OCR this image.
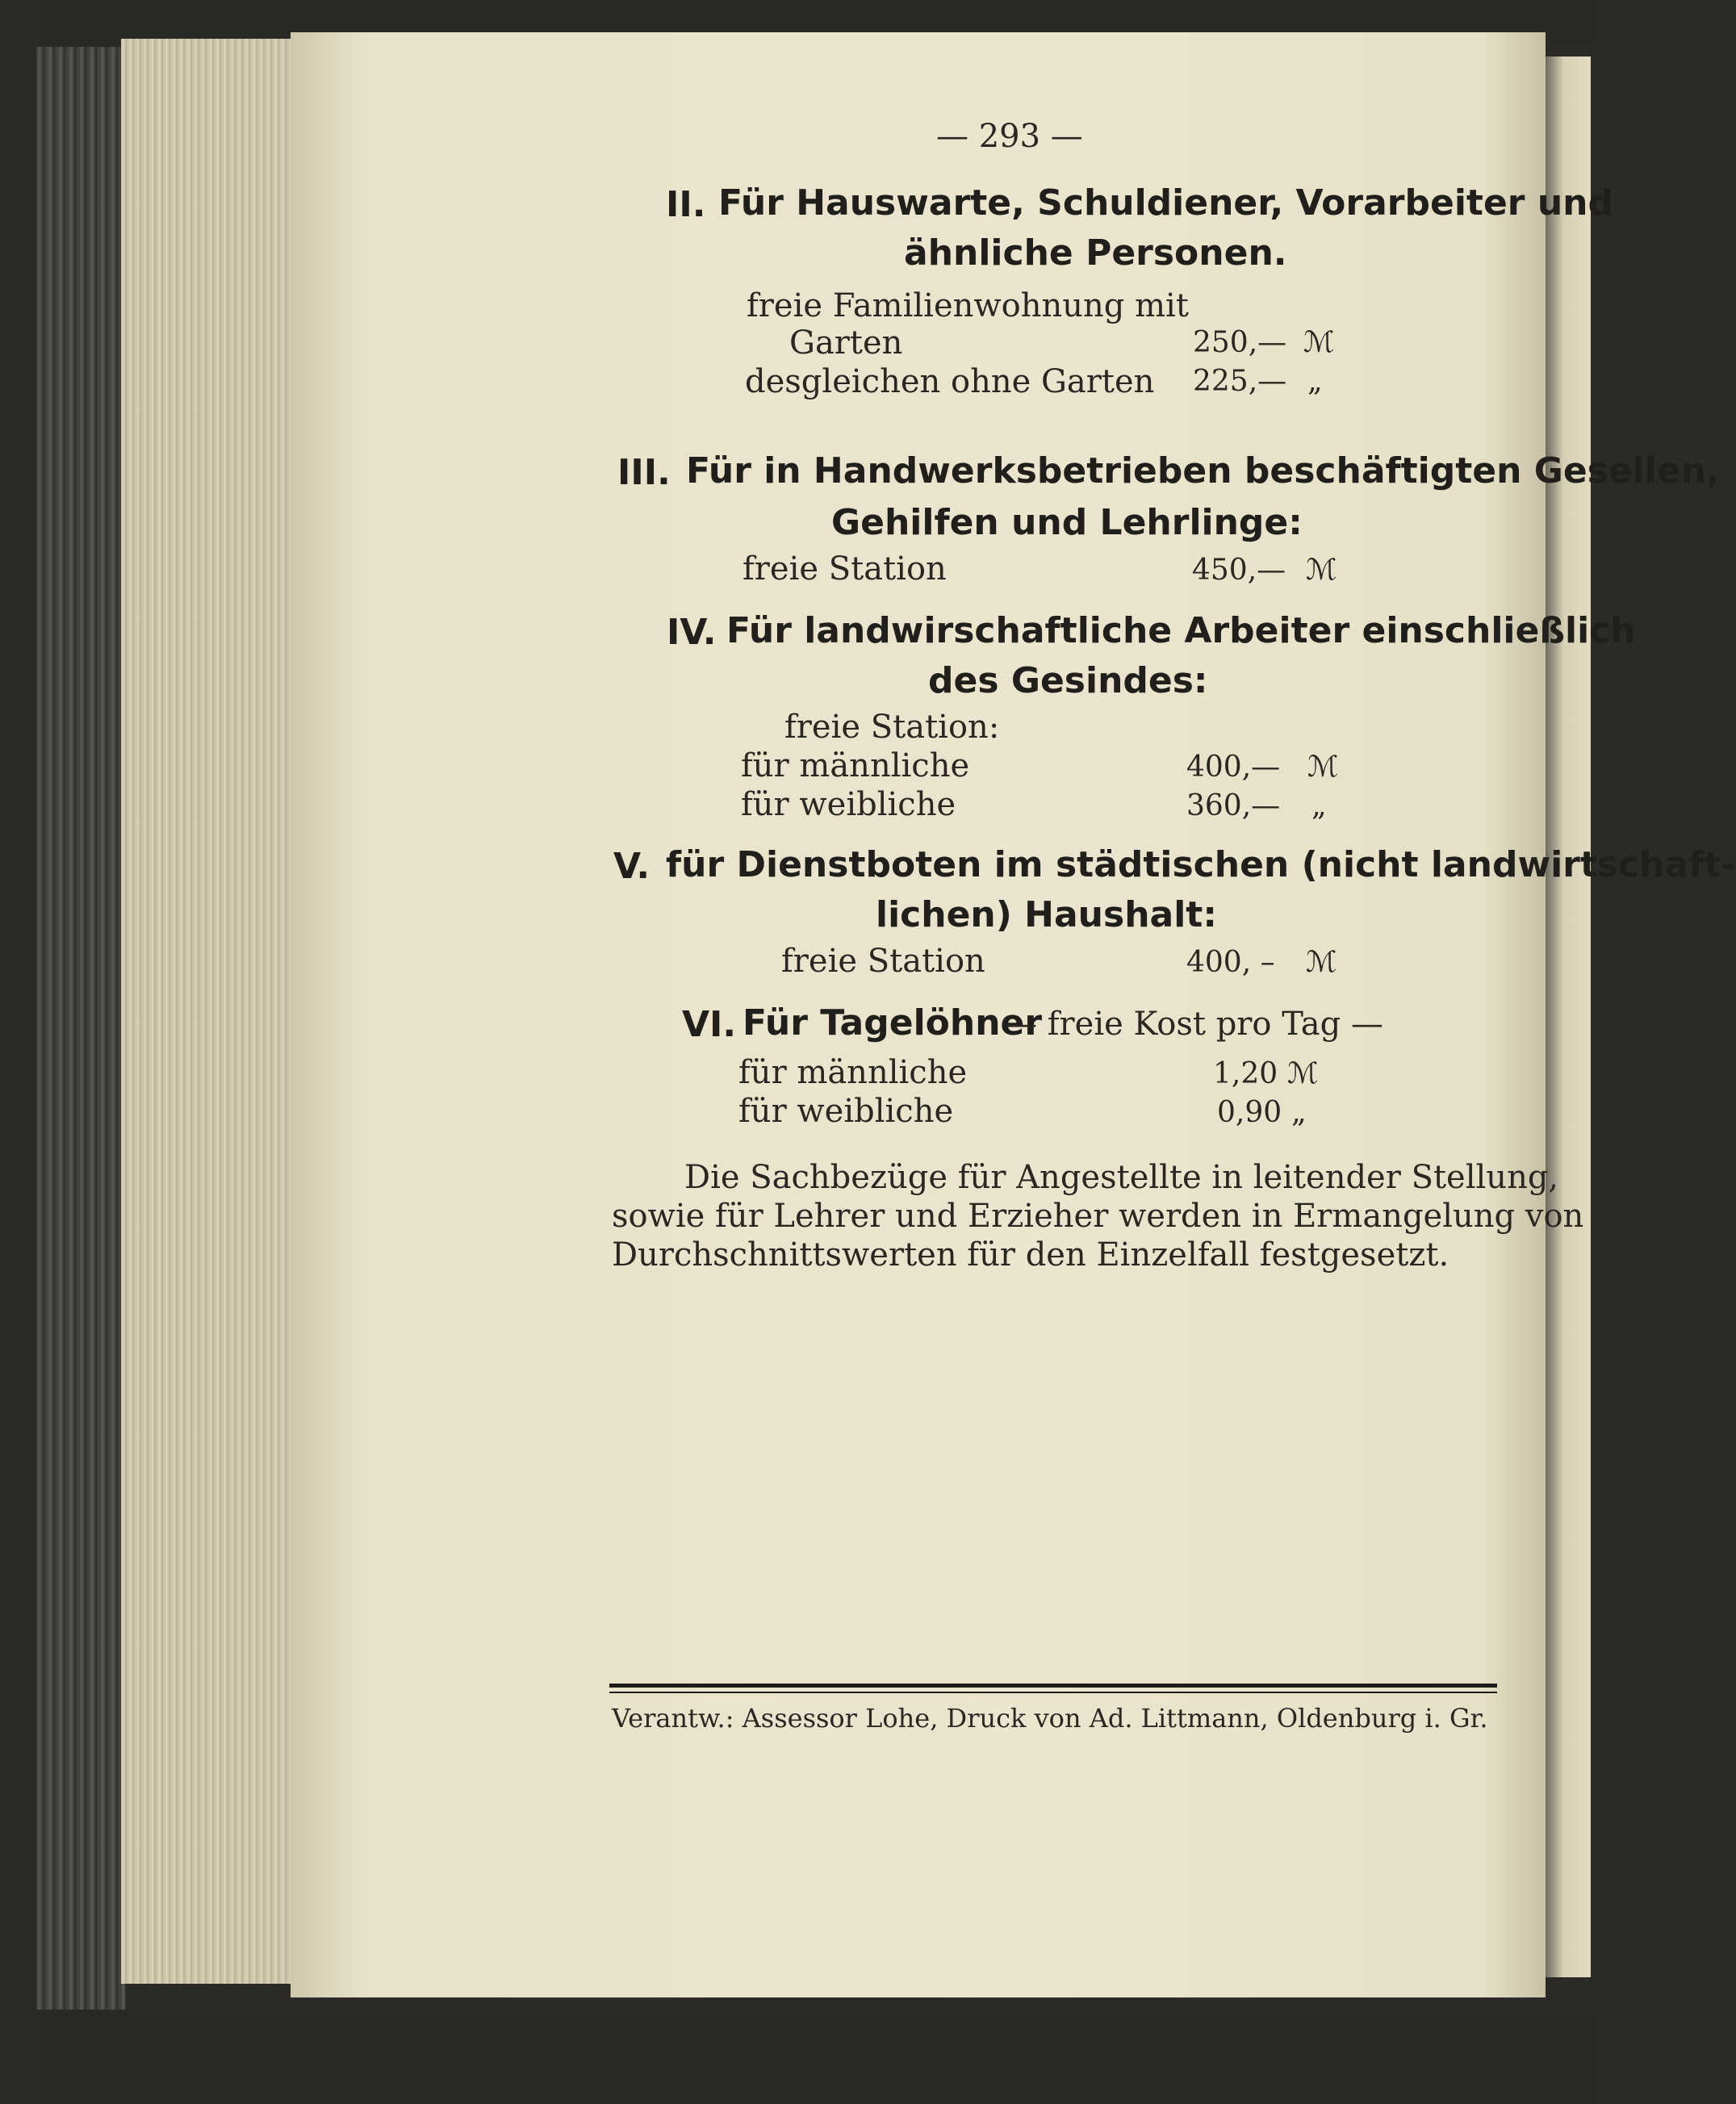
— 293 —
II. Für Hauswarte, Schuldiener, Vorarbeiter und
ähnliche Personen.
freie Familienwohnung mit
Garten	250,— ℳ
desgleichen ohne Garten 225,— „
III. Für in Handwerksbetrieben beschäftigten Gesellen,
Gehilfen und Lehrlinge:
freie Station	450,— ℳ
IV. Für landwirschaftliche Arbeiter einschließlich
des Gesindes:
freie Station:
für männliche	400,— ℳ
für weibliche	360,— „
V. für Dienstboten im städtischen (nicht landwirtschaft-
lichen) Haushalt:
freie Station	400, – ℳ
VI. Für Tagelöhner
— freie Kost pro Tag —
für männliche	1,20 ℳ
für weibliche	0,90 „
Die Sachbezüge für Angestellte in leitender Stellung,
sowie für Lehrer und Erzieher werden in Ermangelung von
Durchschnittswerten für den Einzelfall festgesetzt.
Verantw.: Assessor Lohe, Druck von Ad. Littmann, Oldenburg i. Gr.
